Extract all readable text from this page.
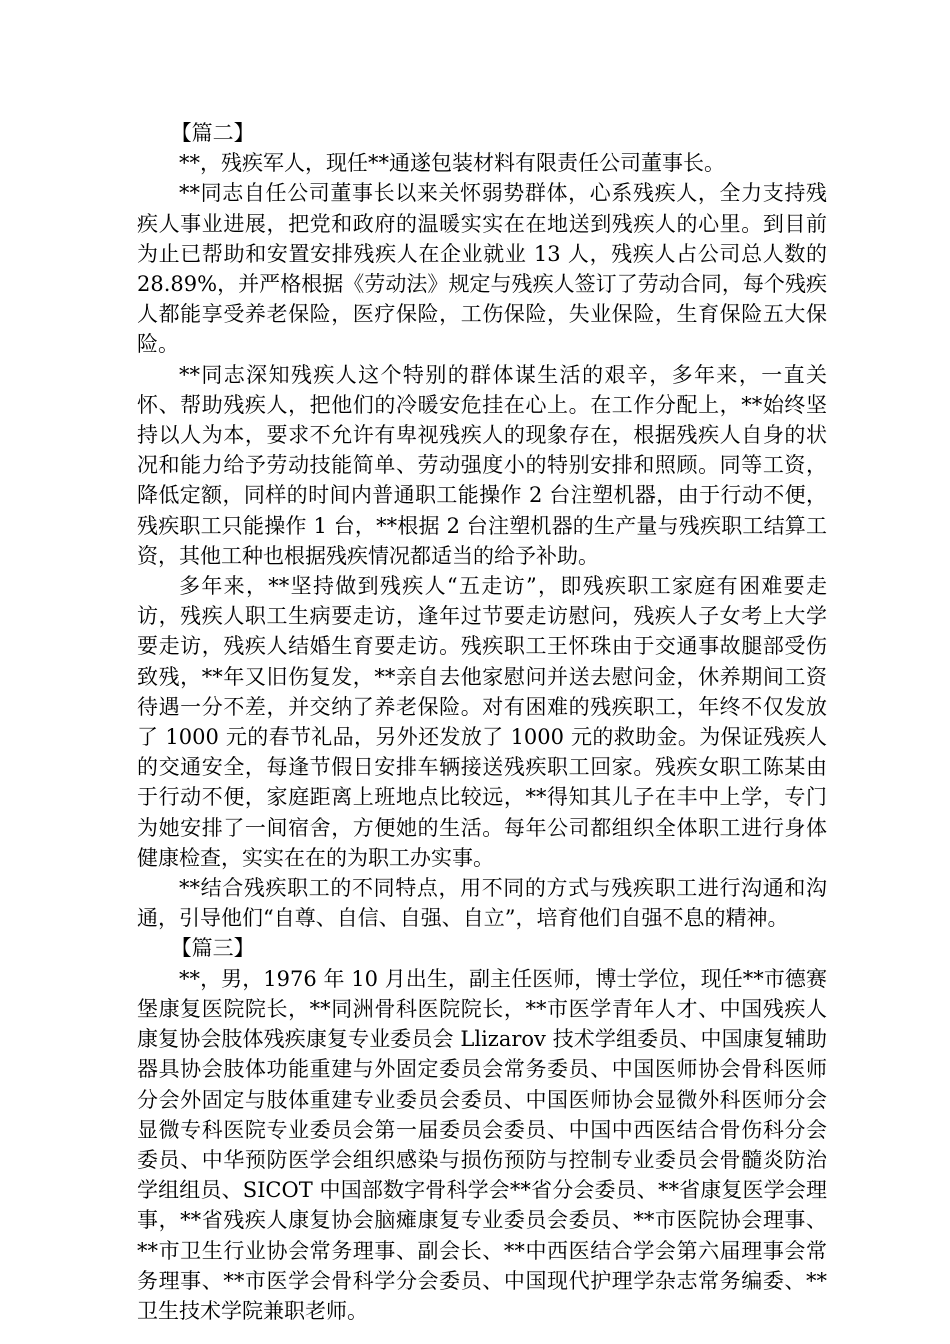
【篇二】

**，残疾军人，现任**通遂包装材料有限责任公司董事长。

**同志自任公司董事长以来关怀弱势群体，心系残疾人，全力支持残疾人事业进展，把党和政府的温暖实实在在地送到残疾人的心里。到目前为止已帮助和安置安排残疾人在企业就业 13 人，残疾人占公司总人数的 28.89%，并严格根据《劳动法》规定与残疾人签订了劳动合同，每个残疾人都能享受养老保险，医疗保险，工伤保险，失业保险，生育保险五大保险。

**同志深知残疾人这个特别的群体谋生活的艰辛，多年来，一直关怀、帮助残疾人，把他们的冷暖安危挂在心上。在工作分配上，**始终坚持以人为本，要求不允许有卑视残疾人的现象存在，根据残疾人自身的状况和能力给予劳动技能简单、劳动强度小的特别安排和照顾。同等工资，降低定额，同样的时间内普通职工能操作 2 台注塑机器，由于行动不便，残疾职工只能操作 1 台，**根据 2 台注塑机器的生产量与残疾职工结算工资，其他工种也根据残疾情况都适当的给予补助。

多年来，**坚持做到残疾人“五走访”，即残疾职工家庭有困难要走访，残疾人职工生病要走访，逢年过节要走访慰问，残疾人子女考上大学要走访，残疾人结婚生育要走访。残疾职工王怀珠由于交通事故腿部受伤致残，**年又旧伤复发，**亲自去他家慰问并送去慰问金，休养期间工资待遇一分不差，并交纳了养老保险。对有困难的残疾职工，年终不仅发放了 1000 元的春节礼品，另外还发放了 1000 元的救助金。为保证残疾人的交通安全，每逢节假日安排车辆接送残疾职工回家。残疾女职工陈某由于行动不便，家庭距离上班地点比较远，**得知其儿子在丰中上学，专门为她安排了一间宿舍，方便她的生活。每年公司都组织全体职工进行身体健康检查，实实在在的为职工办实事。

**结合残疾职工的不同特点，用不同的方式与残疾职工进行沟通和沟通，引导他们“自尊、自信、自强、自立”，培育他们自强不息的精神。

【篇三】

**，男，1976 年 10 月出生，副主任医师，博士学位，现任**市德赛堡康复医院院长，**同洲骨科医院院长，**市医学青年人才、中国残疾人康复协会肢体残疾康复专业委员会 Llizarov 技术学组委员、中国康复辅助器具协会肢体功能重建与外固定委员会常务委员、中国医师协会骨科医师分会外固定与肢体重建专业委员会委员、中国医师协会显微外科医师分会显微专科医院专业委员会第一届委员会委员、中国中西医结合骨伤科分会委员、中华预防医学会组织感染与损伤预防与控制专业委员会骨髓炎防治学组组员、SICOT 中国部数字骨科学会**省分会委员、**省康复医学会理事，**省残疾人康复协会脑瘫康复专业委员会委员、**市医院协会理事、**市卫生行业协会常务理事、副会长、**中西医结合学会第六届理事会常务理事、**市医学会骨科学分会委员、中国现代护理学杂志常务编委、**卫生技术学院兼职老师。
